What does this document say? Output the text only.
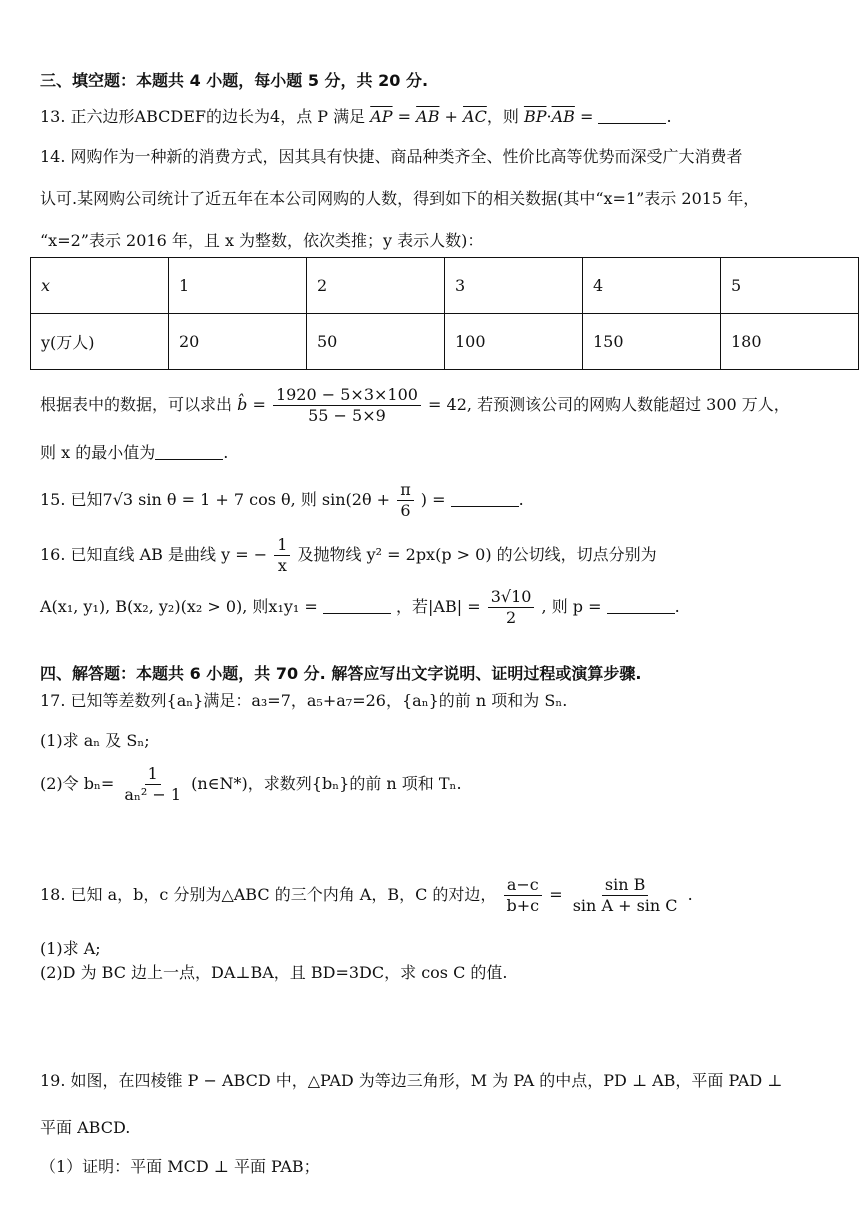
三、填空题：本题共 4 小题，每小题 5 分，共 20 分.
13. 正六边形ABCDEF的边长为4，点 P 满足 $\overline{AP} = \overline{AB} + \overline{AC}$，则 $\overline{BP}\cdot\overline{AB}$ =	.
14. 网购作为一种新的消费方式，因其具有快捷、商品种类齐全、性价比高等优势而深受广大消费者
认可.某网购公司统计了近五年在本公司网购的人数，得到如下的相关数据(其中“x=1”表示 2015 年，
“x=2”表示 2016 年，且 x 为整数，依次类推；y 表示人数)：
x	1	2	3	4	5
y(万人)	20	50	100	150	180
根据表中的数据，可以求出 b̂ = $\frac{1920 - 5\times 3\times 100}{55 - 5\times 9} = 42$, 若预测该公司的网购人数能超过 300 万人，
则 x 的最小值为	.
15. 已知7√3 sin θ = 1 + 7 cos θ, 则 $\sin(2\theta + \frac{\pi}{6}$ ) =	.
16. 已知直线 AB 是曲线 y = − $\frac{1}{x}$ 及抛物线 y² = 2px(p > 0) 的公切线，切点分别为
A(x₁, y₁), B(x₂, y₂)(x₂ > 0), 则x₁y₁ =	，若$|AB| = \frac{3√10}{2}$ , 则 p =	.
四、解答题：本题共 6 小题，共 70 分. 解答应写出文字说明、证明过程或演算步骤.
17. 已知等差数列{aₙ}满足：a₃=7，a₅+a₇=26，{aₙ}的前 n 项和为 Sₙ.
(1)求 aₙ 及 Sₙ;
(2)令 $b_n= \frac{1}{\text{aₙ² − 1}}$ (n∈N*)，求数列{bₙ}的前 n 项和 Tₙ.
18. 已知 a，b，c 分别为△ABC 的三个内角 A，B，C 的对边， $\frac{a-c}{b+c} = \frac{\text{sin B}}{\text{sin A + sin C}}$ .
(1)求 A;
(2)D 为 BC 边上一点，DA⊥BA，且 BD=3DC，求 cos C 的值.
19. 如图，在四棱锥 P − ABCD 中，△PAD 为等边三角形，M 为 PA 的中点，PD ⊥ AB，平面 PAD ⊥
平面 ABCD.
（1）证明：平面 MCD ⊥ 平面 PAB；
